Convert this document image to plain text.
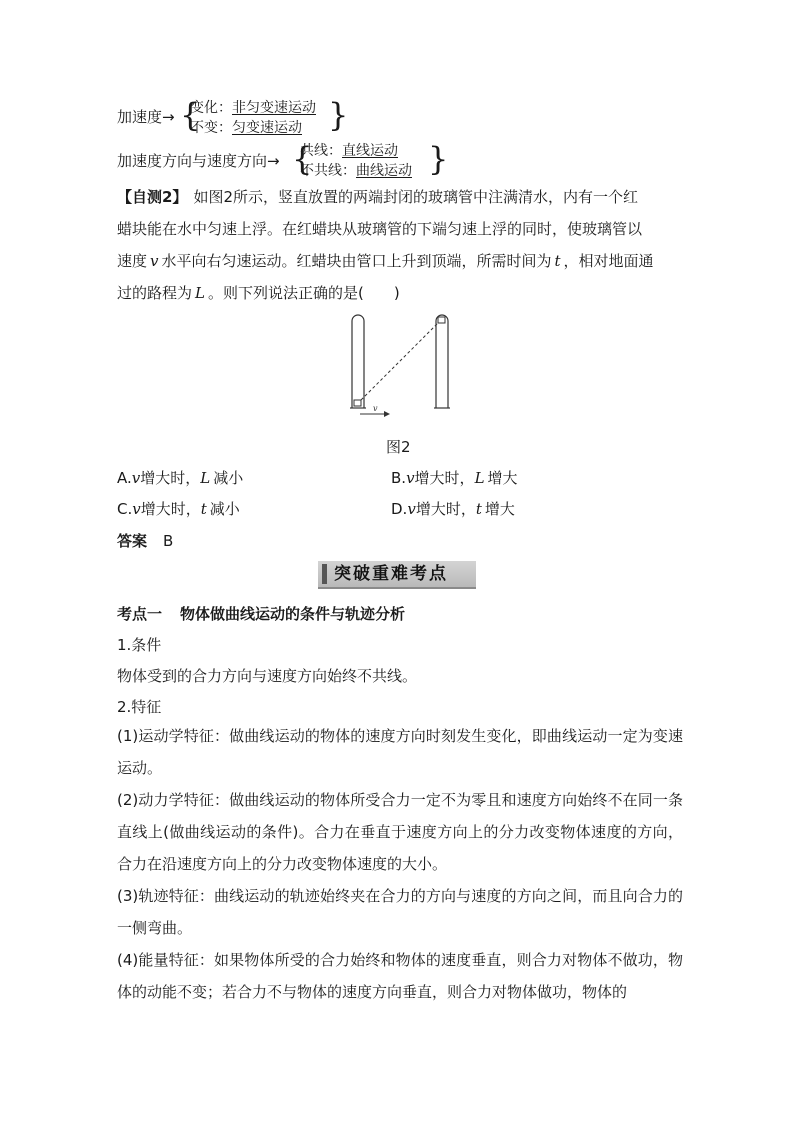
加速度→ {
变化：非匀变速运动
不变：匀变速运动 }
加速度方向与速度方向→ {
共线：直线运动
不共线：曲线运动 }
【自测2】 如图2所示，竖直放置的两端封闭的玻璃管中注满清水，内有一个红
蜡块能在水中匀速上浮。在红蜡块从玻璃管的下端匀速上浮的同时，使玻璃管以
速度 v 水平向右匀速运动。红蜡块由管口上升到顶端，所需时间为 t ，相对地面通
过的路程为 L 。则下列说法正确的是(　　)
v
图2
A.v增大时，L 减小	B.v增大时，L 增大
C.v增大时，t 减小	D.v增大时，t 增大
答案 B
突破重难考点
考点一 物体做曲线运动的条件与轨迹分析
1.条件
物体受到的合力方向与速度方向始终不共线。
2.特征
(1)运动学特征：做曲线运动的物体的速度方向时刻发生变化，即曲线运动一定为变速运动。
(2)动力学特征：做曲线运动的物体所受合力一定不为零且和速度方向始终不在同一条直线上(做曲线运动的条件)。合力在垂直于速度方向上的分力改变物体速度的方向，合力在沿速度方向上的分力改变物体速度的大小。
(3)轨迹特征：曲线运动的轨迹始终夹在合力的方向与速度的方向之间，而且向合力的一侧弯曲。
(4)能量特征：如果物体所受的合力始终和物体的速度垂直，则合力对物体不做功，物体的动能不变；若合力不与物体的速度方向垂直，则合力对物体做功，物体的
